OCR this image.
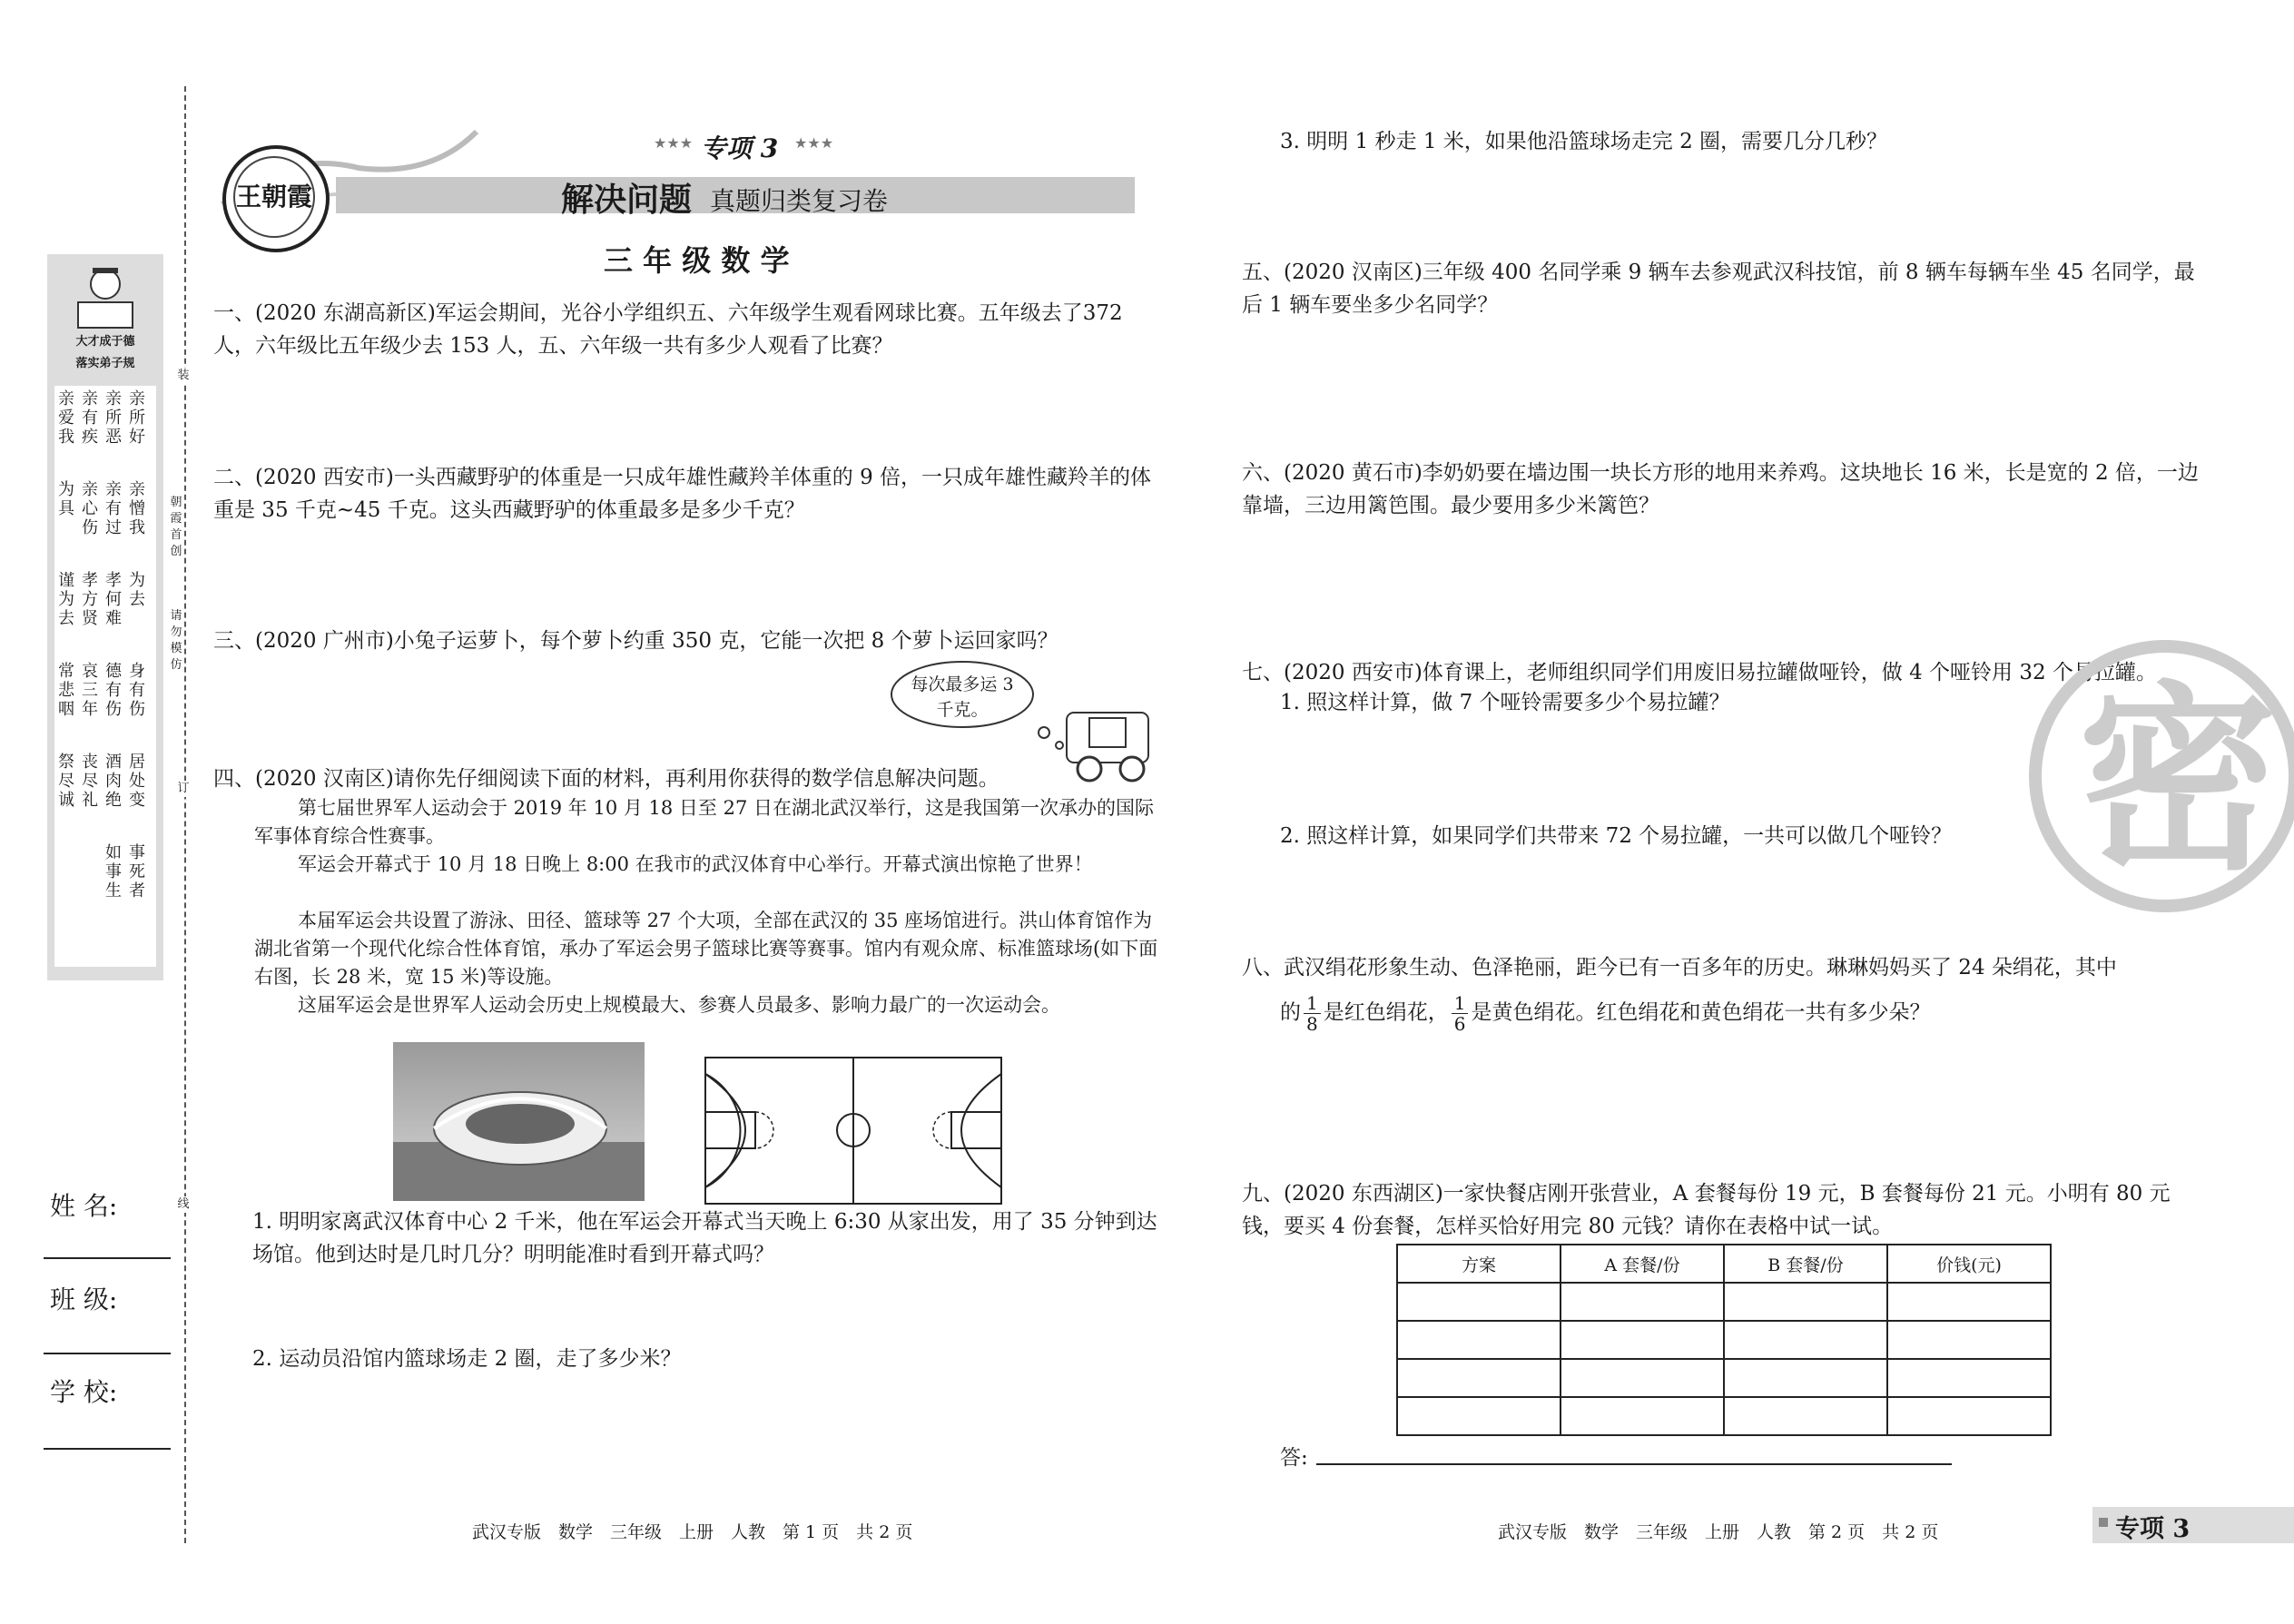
大才成于德
落实弟子规
亲所好
亲所恶
亲有疾
亲爱我
亲憎我
亲有过
亲心伤
为具
为去
孝何难
孝方贤
谨为去
身有伤
德有伤
哀三年
常悲咽
居处变
酒肉绝
丧尽礼
祭尽诚
事死者
如事生
装
朝霞首创
请勿模仿
订
线
姓 名:
班 级:
学 校:
王朝霞
★★★ 专项 3 ★★★
解决问题 真题归类复习卷
三 年 级 数 学
一、(2020 东湖高新区)军运会期间，光谷小学组织五、六年级学生观看网球比赛。五年级去了372 人，六年级比五年级少去 153 人，五、六年级一共有多少人观看了比赛？
二、(2020 西安市)一头西藏野驴的体重是一只成年雄性藏羚羊体重的 9 倍，一只成年雄性藏羚羊的体重是 35 千克~45 千克。这头西藏野驴的体重最多是多少千克？
三、(2020 广州市)小兔子运萝卜，每个萝卜约重 350 克，它能一次把 8 个萝卜运回家吗？
每次最多运 3千克。
四、(2020 汉南区)请你先仔细阅读下面的材料，再利用你获得的数学信息解决问题。
第七届世界军人运动会于 2019 年 10 月 18 日至 27 日在湖北武汉举行，这是我国第一次承办的国际军事体育综合性赛事。
军运会开幕式于 10 月 18 日晚上 8:00 在我市的武汉体育中心举行。开幕式演出惊艳了世界！
本届军运会共设置了游泳、田径、篮球等 27 个大项，全部在武汉的 35 座场馆进行。洪山体育馆作为湖北省第一个现代化综合性体育馆，承办了军运会男子篮球比赛等赛事。馆内有观众席、标准篮球场(如下面右图，长 28 米，宽 15 米)等设施。
这届军运会是世界军人运动会历史上规模最大、参赛人员最多、影响力最广的一次运动会。
1. 明明家离武汉体育中心 2 千米，他在军运会开幕式当天晚上 6:30 从家出发，用了 35 分钟到达场馆。他到达时是几时几分？明明能准时看到开幕式吗？
2. 运动员沿馆内篮球场走 2 圈，走了多少米？
3. 明明 1 秒走 1 米，如果他沿篮球场走完 2 圈，需要几分几秒？
五、(2020 汉南区)三年级 400 名同学乘 9 辆车去参观武汉科技馆，前 8 辆车每辆车坐 45 名同学，最后 1 辆车要坐多少名同学？
六、(2020 黄石市)李奶奶要在墙边围一块长方形的地用来养鸡。这块地长 16 米，长是宽的 2 倍，一边靠墙，三边用篱笆围。最少要用多少米篱笆？
七、(2020 西安市)体育课上，老师组织同学们用废旧易拉罐做哑铃，做 4 个哑铃用 32 个易拉罐。
1. 照这样计算，做 7 个哑铃需要多少个易拉罐？
2. 照这样计算，如果同学们共带来 72 个易拉罐，一共可以做几个哑铃？
八、武汉绢花形象生动、色泽艳丽，距今已有一百多年的历史。琳琳妈妈买了 24 朵绢花，其中
的 $\frac{1}{8}$ 是红色绢花， $\frac{1}{6}$ 是黄色绢花。红色绢花和黄色绢花一共有多少朵？
九、(2020 东西湖区)一家快餐店刚开张营业，A 套餐每份 19 元，B 套餐每份 21 元。小明有 80 元钱，要买 4 份套餐，怎样买恰好用完 80 元钱？请你在表格中试一试。
方案	A 套餐/份	B 套餐/份	价钱(元)

答:
密
武汉专版　数学　三年级　上册　人教　第 1 页　共 2 页	武汉专版　数学　三年级　上册　人教　第 2 页　共 2 页	专项 3
